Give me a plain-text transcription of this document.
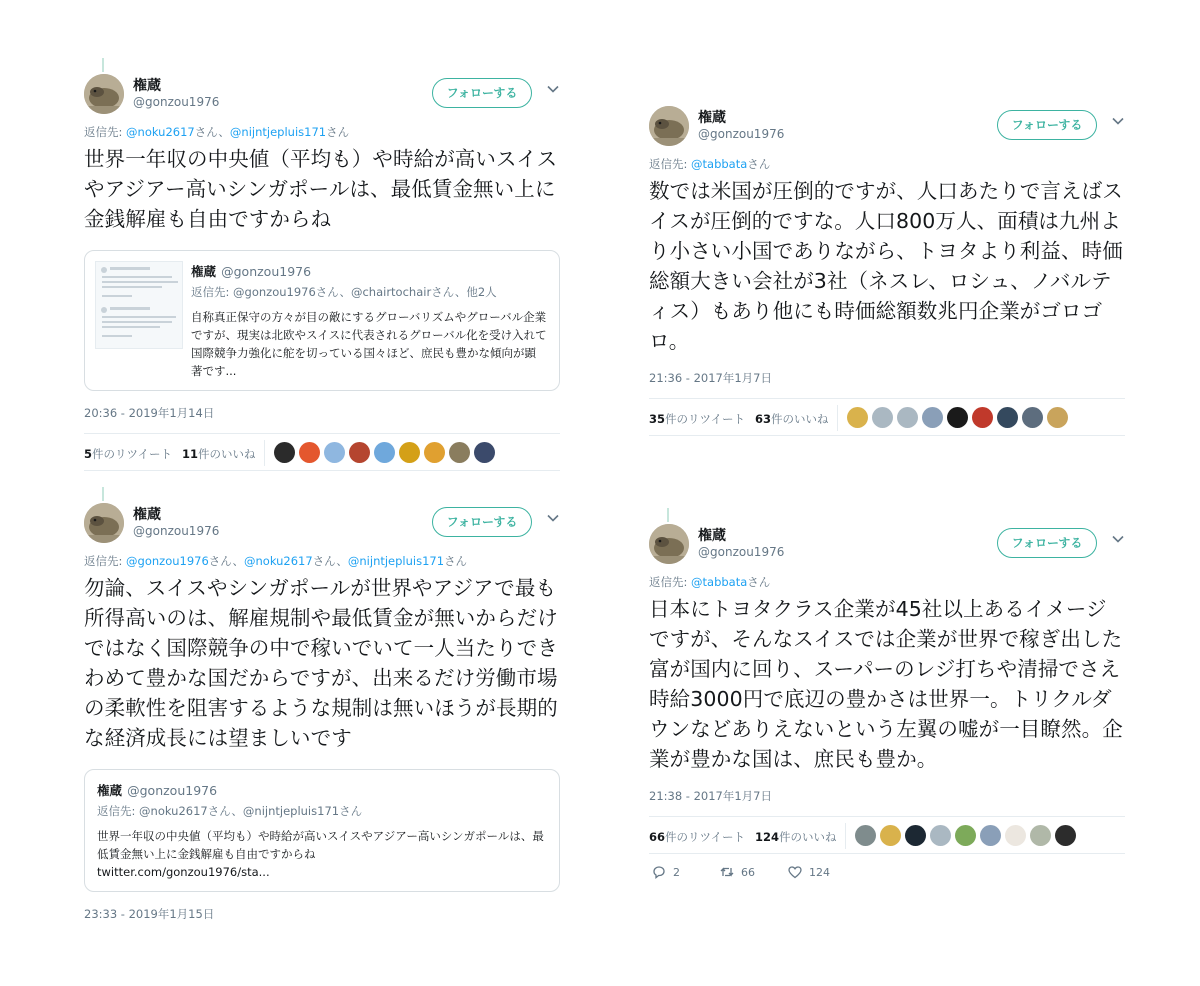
権蔵
@gonzou1976
フォローする
返信先: @noku2617さん、@nijntjepluis171さん
世界一年収の中央値（平均も）や時給が高いスイスやアジアー高いシンガポールは、最低賃金無い上に金銭解雇も自由ですからね
権蔵 @gonzou1976
返信先: @gonzou1976さん、@chairtochairさん、他2人
自称真正保守の方々が目の敵にするグローバリズムやグローバル企業ですが、現実は北欧やスイスに代表されるグローバル化を受け入れて国際競争力強化に舵を切っている国々ほど、庶民も豊かな傾向が顕著です...
20:36 - 2019年1月14日
5件のリツイート 11件のいいね
権蔵
@gonzou1976
フォローする
返信先: @tabbataさん
数では米国が圧倒的ですが、人口あたりで言えばスイスが圧倒的ですな。人口800万人、面積は九州より小さい小国でありながら、トヨタより利益、時価総額大きい会社が3社（ネスレ、ロシュ、ノバルティス）もあり他にも時価総額数兆円企業がゴロゴロ。
21:36 - 2017年1月7日
35件のリツイート 63件のいいね
権蔵
@gonzou1976
フォローする
返信先: @gonzou1976さん、@noku2617さん、@nijntjepluis171さん
勿論、スイスやシンガポールが世界やアジアで最も所得高いのは、解雇規制や最低賃金が無いからだけではなく国際競争の中で稼いでいて一人当たりできわめて豊かな国だからですが、出来るだけ労働市場の柔軟性を阻害するような規制は無いほうが長期的な経済成長には望ましいです
権蔵 @gonzou1976
返信先: @noku2617さん、@nijntjepluis171さん
世界一年収の中央値（平均も）や時給が高いスイスやアジアー高いシンガポールは、最低賃金無い上に金銭解雇も自由ですからね
twitter.com/gonzou1976/sta...
23:33 - 2019年1月15日
権蔵
@gonzou1976
フォローする
返信先: @tabbataさん
日本にトヨタクラス企業が45社以上あるイメージですが、そんなスイスでは企業が世界で稼ぎ出した富が国内に回り、スーパーのレジ打ちや清掃でさえ時給3000円で底辺の豊かさは世界一。トリクルダウンなどありえないという左翼の嘘が一目瞭然。企業が豊かな国は、庶民も豊か。
21:38 - 2017年1月7日
66件のリツイート 124件のいいね
2	66	124
